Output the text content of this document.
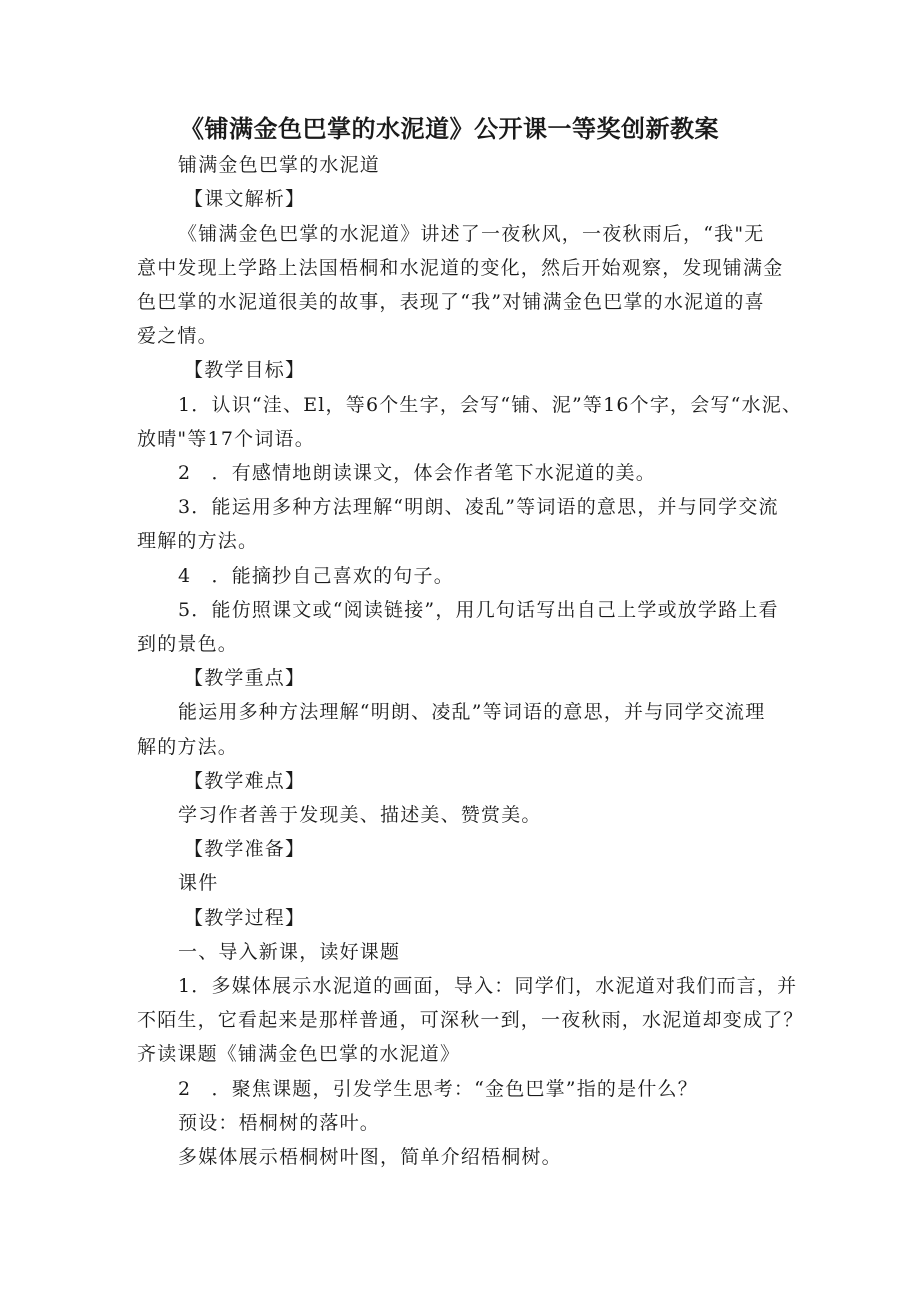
《铺满金色巴掌的水泥道》公开课一等奖创新教案
铺满金色巴掌的水泥道
【课文解析】
《铺满金色巴掌的水泥道》讲述了一夜秋风，一夜秋雨后，“我"无
意中发现上学路上法国梧桐和水泥道的变化，然后开始观察，发现铺满金
色巴掌的水泥道很美的故事，表现了“我”对铺满金色巴掌的水泥道的喜
爱之情。
【教学目标】
1．认识“洼、El，等6个生字，会写“铺、泥”等16个字，会写“水泥、
放晴"等17个词语。
2　．有感情地朗读课文，体会作者笔下水泥道的美。
3．能运用多种方法理解“明朗、凌乱”等词语的意思，并与同学交流
理解的方法。
4　．能摘抄自己喜欢的句子。
5．能仿照课文或“阅读链接”，用几句话写出自己上学或放学路上看
到的景色。
【教学重点】
能运用多种方法理解“明朗、凌乱”等词语的意思，并与同学交流理
解的方法。
【教学难点】
学习作者善于发现美、描述美、赞赏美。
【教学准备】
课件
【教学过程】
一、导入新课，读好课题
1．多媒体展示水泥道的画面，导入：同学们，水泥道对我们而言，并
不陌生，它看起来是那样普通，可深秋一到，一夜秋雨，水泥道却变成了？
齐读课题《铺满金色巴掌的水泥道》
2　．聚焦课题，引发学生思考：“金色巴掌”指的是什么？
预设：梧桐树的落叶。
多媒体展示梧桐树叶图，简单介绍梧桐树。
